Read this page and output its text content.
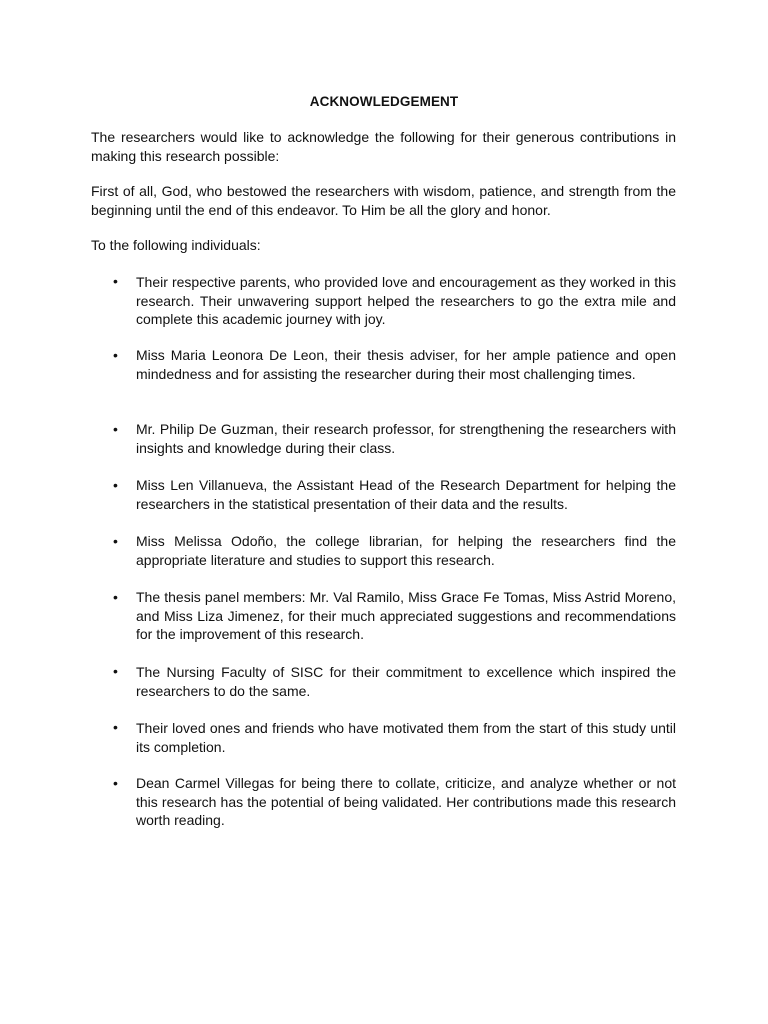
ACKNOWLEDGEMENT

The researchers would like to acknowledge the following for their generous contributions in making this research possible:

First of all, God, who bestowed the researchers with wisdom, patience, and strength from the beginning until the end of this endeavor. To Him be all the glory and honor.

To the following individuals:

• Their respective parents, who provided love and encouragement as they worked in this research. Their unwavering support helped the researchers to go the extra mile and complete this academic journey with joy.
• Miss Maria Leonora De Leon, their thesis adviser, for her ample patience and open mindedness and for assisting the researcher during their most challenging times.
• Mr. Philip De Guzman, their research professor, for strengthening the researchers with insights and knowledge during their class.
• Miss Len Villanueva, the Assistant Head of the Research Department for helping the researchers in the statistical presentation of their data and the results.
• Miss Melissa Odoño, the college librarian, for helping the researchers find the appropriate literature and studies to support this research.
• The thesis panel members: Mr. Val Ramilo, Miss Grace Fe Tomas, Miss Astrid Moreno, and Miss Liza Jimenez, for their much appreciated suggestions and recommendations for the improvement of this research.
• The Nursing Faculty of SISC for their commitment to excellence which inspired the researchers to do the same.
• Their loved ones and friends who have motivated them from the start of this study until its completion.
• Dean Carmel Villegas for being there to collate, criticize, and analyze whether or not this research has the potential of being validated. Her contributions made this research worth reading.
